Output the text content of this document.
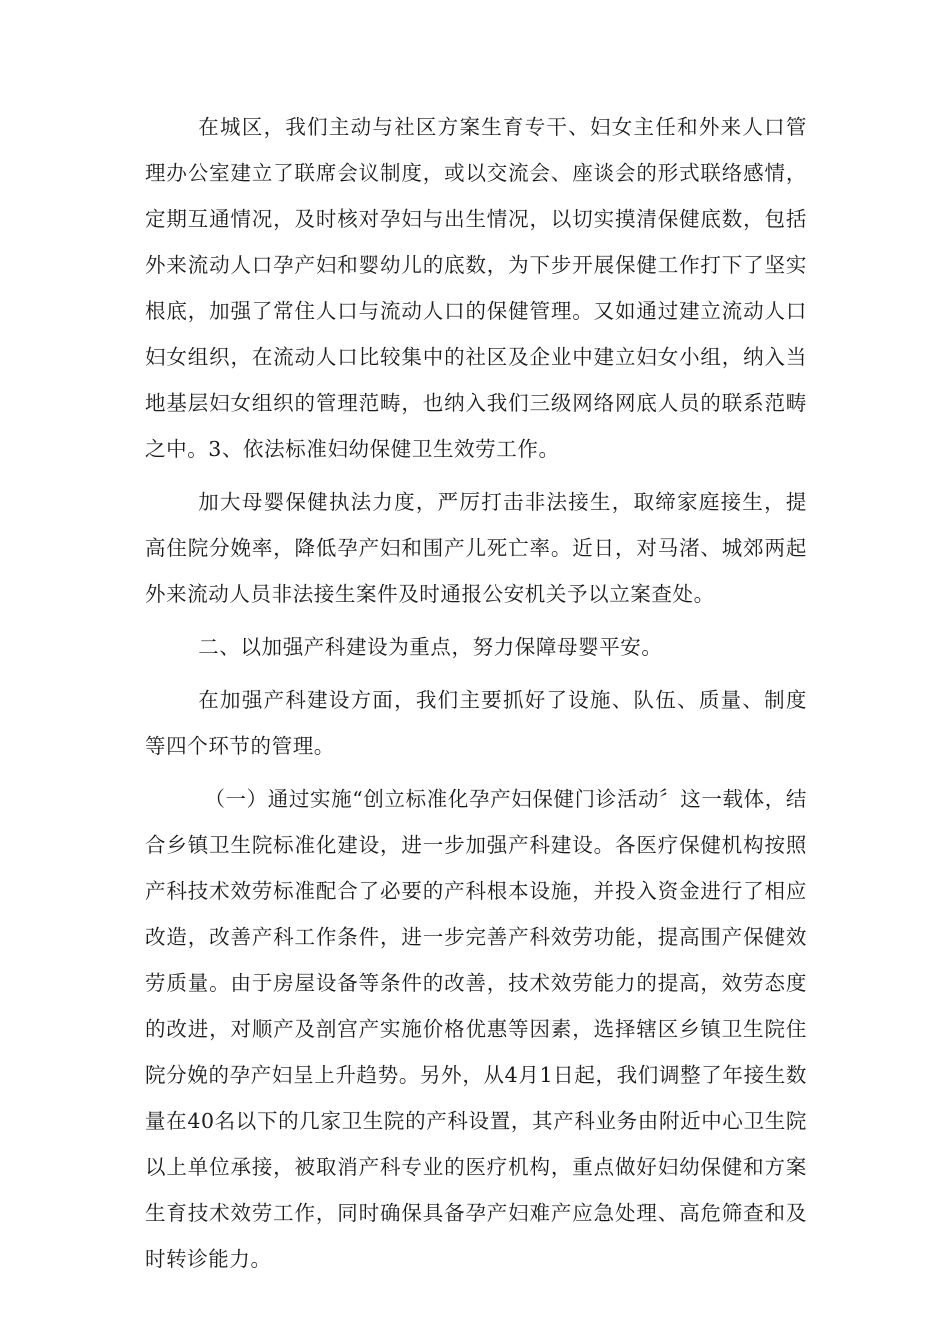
在城区，我们主动与社区方案生育专干、妇女主任和外来人口管理办公室建立了联席会议制度，或以交流会、座谈会的形式联络感情，定期互通情况，及时核对孕妇与出生情况，以切实摸清保健底数，包括外来流动人口孕产妇和婴幼儿的底数，为下步开展保健工作打下了坚实根底，加强了常住人口与流动人口的保健管理。又如通过建立流动人口妇女组织，在流动人口比较集中的社区及企业中建立妇女小组，纳入当地基层妇女组织的管理范畴，也纳入我们三级网络网底人员的联系范畴之中。3、依法标准妇幼保健卫生效劳工作。

加大母婴保健执法力度，严厉打击非法接生，取缔家庭接生，提高住院分娩率，降低孕产妇和围产儿死亡率。近日，对马渚、城郊两起外来流动人员非法接生案件及时通报公安机关予以立案查处。

二、以加强产科建设为重点，努力保障母婴平安。

在加强产科建设方面，我们主要抓好了设施、队伍、质量、制度等四个环节的管理。

（一）通过实施“创立标准化孕产妇保健门诊活动〞这一载体，结合乡镇卫生院标准化建设，进一步加强产科建设。各医疗保健机构按照产科技术效劳标准配合了必要的产科根本设施，并投入资金进行了相应改造，改善产科工作条件，进一步完善产科效劳功能，提高围产保健效劳质量。由于房屋设备等条件的改善，技术效劳能力的提高，效劳态度的改进，对顺产及剖宫产实施价格优惠等因素，选择辖区乡镇卫生院住院分娩的孕产妇呈上升趋势。另外，从4月1日起，我们调整了年接生数量在40名以下的几家卫生院的产科设置，其产科业务由附近中心卫生院以上单位承接，被取消产科专业的医疗机构，重点做好妇幼保健和方案生育技术效劳工作，同时确保具备孕产妇难产应急处理、高危筛查和及时转诊能力。
